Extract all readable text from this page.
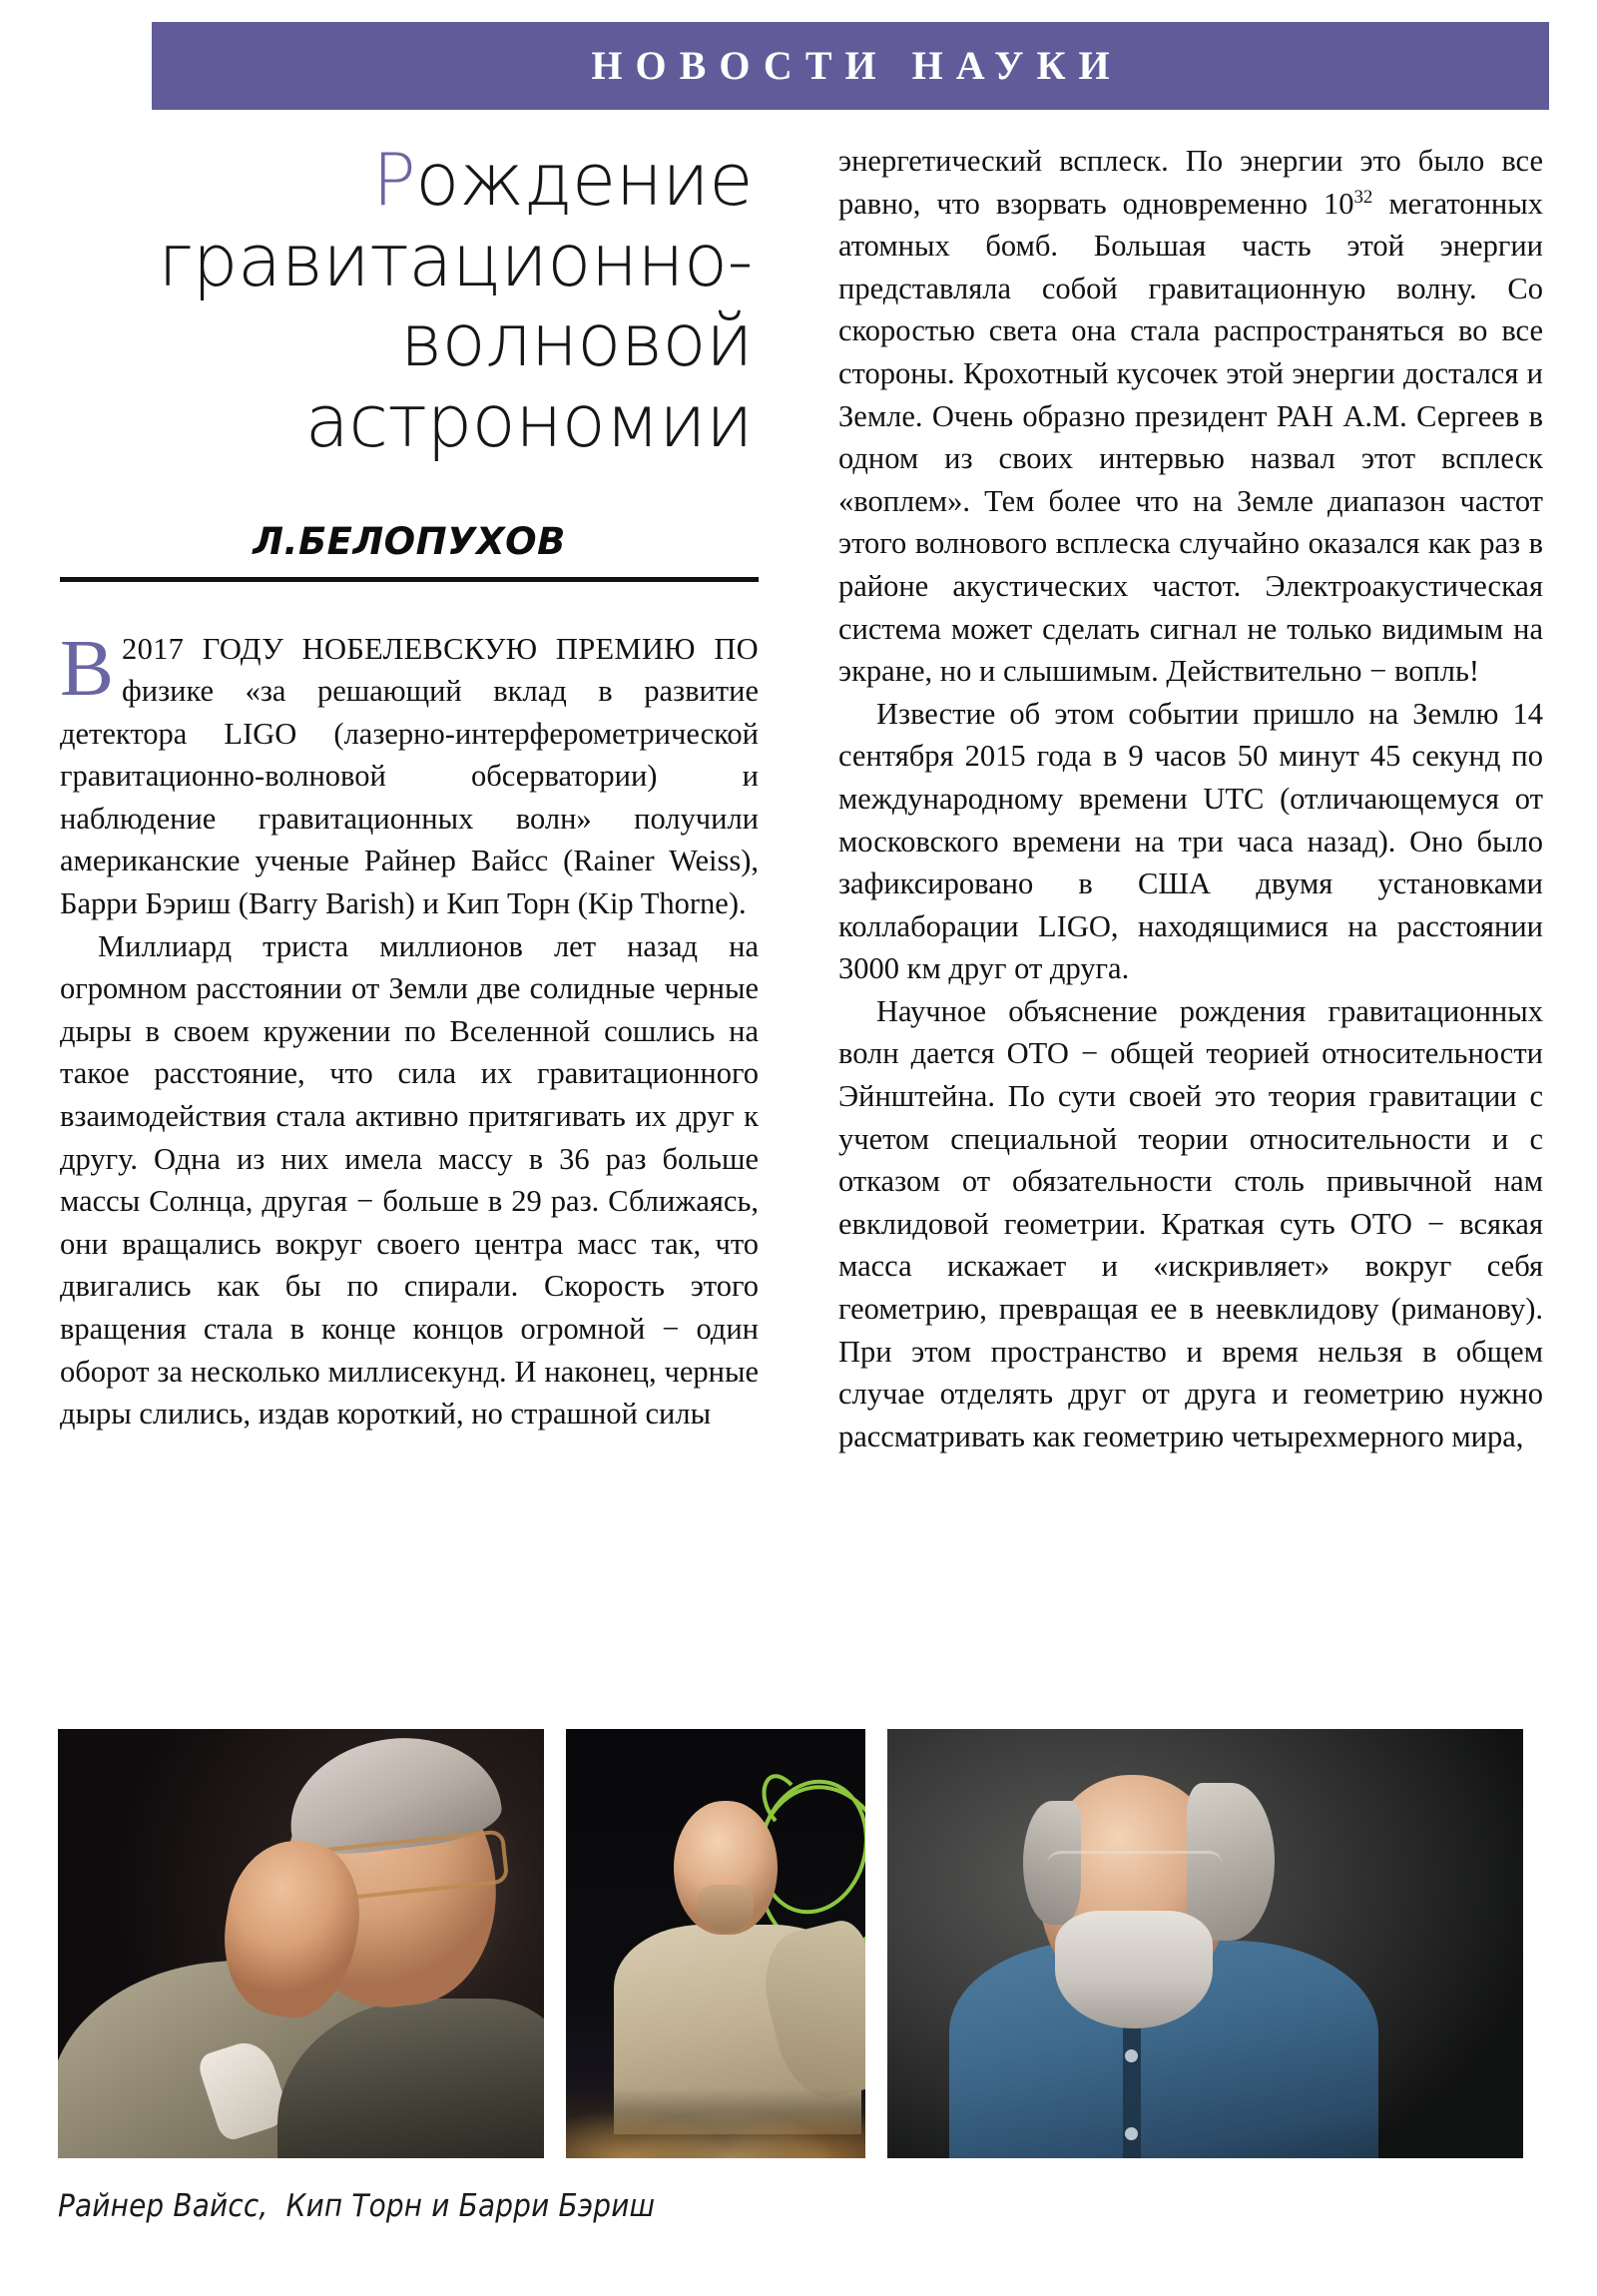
НОВОСТИ НАУКИ
Рождение
гравитационно-
волновой
астрономии
Л.БЕЛОПУХОВ

В 2017 ГОДУ НОБЕЛЕВСКУЮ ПРЕМИЮ ПО физике «за решающий вклад в развитие детектора LIGO (лазерно-интерферометрической гравитационно-волновой обсерватории) и наблюдение гравитационных волн» получили американские ученые Райнер Вайсс (Rainer Weiss), Барри Бэриш (Barry Barish) и Кип Торн (Kip Thorne).

Миллиард триста миллионов лет назад на огромном расстоянии от Земли две солидные черные дыры в своем кружении по Вселенной сошлись на такое расстояние, что сила их гравитационного взаимодействия стала активно притягивать их друг к другу. Одна из них имела массу в 36 раз больше массы Солнца, другая − больше в 29 раз. Сближаясь, они вращались вокруг своего центра масс так, что двигались как бы по спирали. Скорость этого вращения стала в конце концов огромной − один оборот за несколько миллисекунд. И наконец, черные дыры слились, издав короткий, но страшной силы

энергетический всплеск. По энергии это было все равно, что взорвать одновременно $10^{32}$ мегатонных атомных бомб. Большая часть этой энергии представляла собой гравитационную волну. Со скоростью света она стала распространяться во все стороны. Крохотный кусочек этой энергии достался и Земле. Очень образно президент РАН А.М. Сергеев в одном из своих интервью назвал этот всплеск «воплем». Тем более что на Земле диапазон частот этого волнового всплеска случайно оказался как раз в районе акустических частот. Электроакустическая система может сделать сигнал не только видимым на экране, но и слышимым. Действительно − вопль!

Известие об этом событии пришло на Землю 14 сентября 2015 года в 9 часов 50 минут 45 секунд по международному времени UTC (отличающемуся от московского времени на три часа назад). Оно было зафиксировано в США двумя установками коллаборации LIGO, находящимися на расстоянии 3000 км друг от друга.

Научное объяснение рождения гравитационных волн дается ОТО − общей теорией относительности Эйнштейна. По сути своей это теория гравитации с учетом специальной теории относительности и с отказом от обязательности столь привычной нам евклидовой геометрии. Краткая суть ОТО − всякая масса искажает и «искривляет» вокруг себя геометрию, превращая ее в неевклидову (риманову). При этом пространство и время нельзя в общем случае отделять друг от друга и геометрию нужно рассматривать как геометрию четырехмерного мира,

Райнер Вайсс,  Кип Торн и Барри Бэриш
